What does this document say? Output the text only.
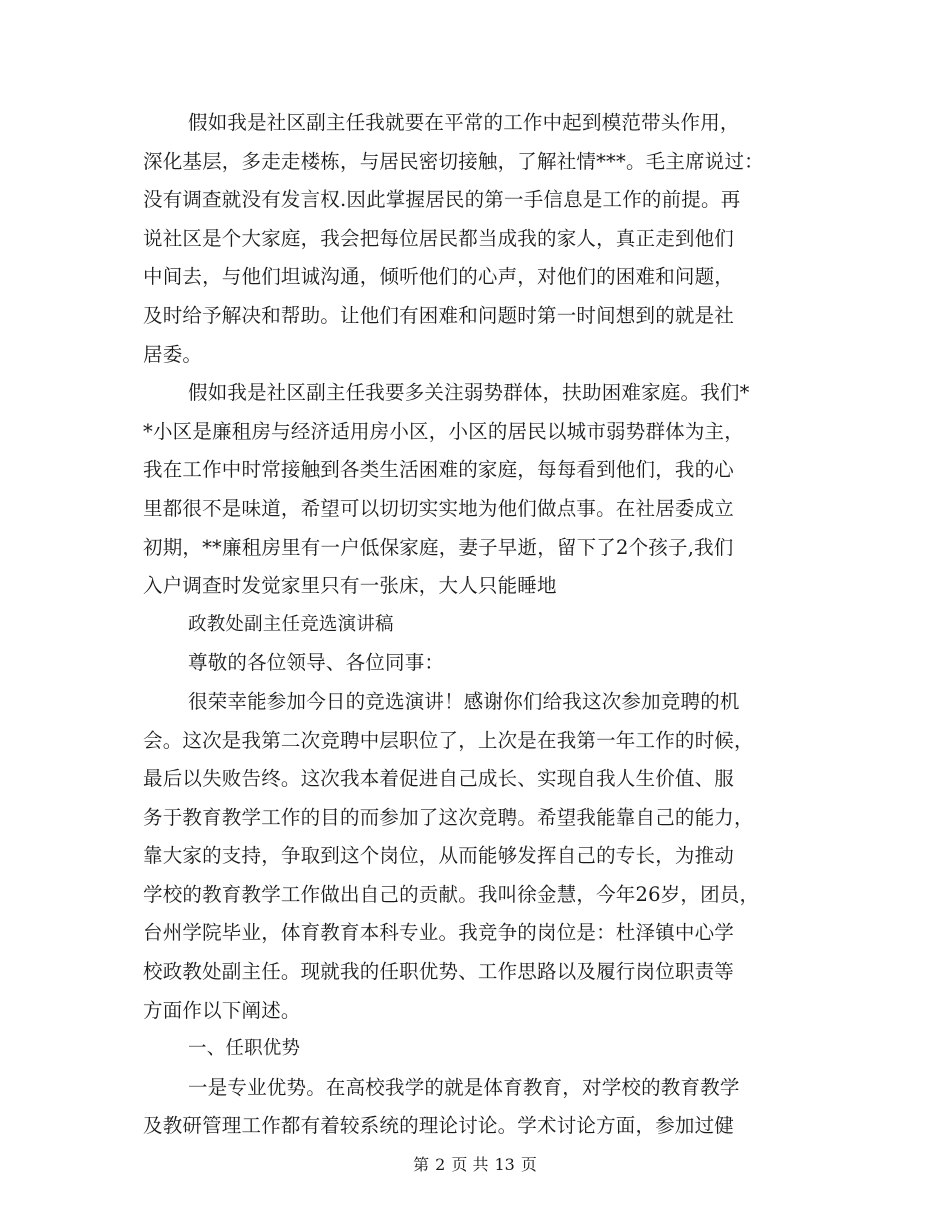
假如我是社区副主任我就要在平常的工作中起到模范带头作用，
深化基层，多走走楼栋，与居民密切接触，了解社情***。毛主席说过：
没有调查就没有发言权.因此掌握居民的第一手信息是工作的前提。再
说社区是个大家庭，我会把每位居民都当成我的家人，真正走到他们
中间去，与他们坦诚沟通，倾听他们的心声，对他们的困难和问题，
及时给予解决和帮助。让他们有困难和问题时第一时间想到的就是社
居委。
假如我是社区副主任我要多关注弱势群体，扶助困难家庭。我们*
*小区是廉租房与经济适用房小区，小区的居民以城市弱势群体为主，
我在工作中时常接触到各类生活困难的家庭，每每看到他们，我的心
里都很不是味道，希望可以切切实实地为他们做点事。在社居委成立
初期，**廉租房里有一户低保家庭，妻子早逝，留下了2个孩子,我们
入户调查时发觉家里只有一张床，大人只能睡地
政教处副主任竞选演讲稿
尊敬的各位领导、各位同事：
很荣幸能参加今日的竞选演讲！感谢你们给我这次参加竞聘的机
会。这次是我第二次竞聘中层职位了，上次是在我第一年工作的时候，
最后以失败告终。这次我本着促进自己成长、实现自我人生价值、服
务于教育教学工作的目的而参加了这次竞聘。希望我能靠自己的能力，
靠大家的支持，争取到这个岗位，从而能够发挥自己的专长，为推动
学校的教育教学工作做出自己的贡献。我叫徐金慧，今年26岁，团员，
台州学院毕业，体育教育本科专业。我竞争的岗位是：杜泽镇中心学
校政教处副主任。现就我的任职优势、工作思路以及履行岗位职责等
方面作以下阐述。
一、任职优势
一是专业优势。在高校我学的就是体育教育，对学校的教育教学
及教研管理工作都有着较系统的理论讨论。学术讨论方面，参加过健
第 2 页 共 13 页
